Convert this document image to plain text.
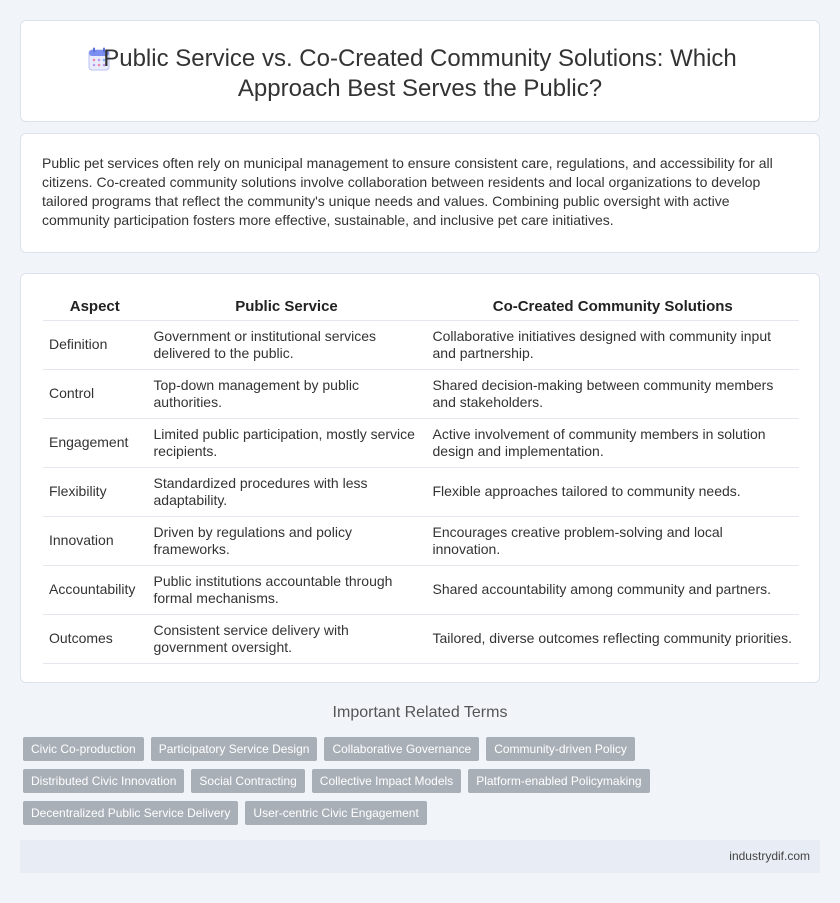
Public Service vs. Co-Created Community Solutions: Which Approach Best Serves the Public?

Public pet services often rely on municipal management to ensure consistent care, regulations, and accessibility for all citizens. Co-created community solutions involve collaboration between residents and local organizations to develop tailored programs that reflect the community's unique needs and values. Combining public oversight with active community participation fosters more effective, sustainable, and inclusive pet care initiatives.

Aspect	Public Service	Co-Created Community Solutions
Definition	Government or institutional services delivered to the public.	Collaborative initiatives designed with community input and partnership.
Control	Top-down management by public authorities.	Shared decision-making between community members and stakeholders.
Engagement	Limited public participation, mostly service recipients.	Active involvement of community members in solution design and implementation.
Flexibility	Standardized procedures with less adaptability.	Flexible approaches tailored to community needs.
Innovation	Driven by regulations and policy frameworks.	Encourages creative problem-solving and local innovation.
Accountability	Public institutions accountable through formal mechanisms.	Shared accountability among community and partners.
Outcomes	Consistent service delivery with government oversight.	Tailored, diverse outcomes reflecting community priorities.
Important Related Terms
Civic Co-production	Participatory Service Design	Collaborative Governance	Community-driven Policy
Distributed Civic Innovation	Social Contracting	Collective Impact Models	Platform-enabled Policymaking
Decentralized Public Service Delivery	User-centric Civic Engagement
industrydif.com
